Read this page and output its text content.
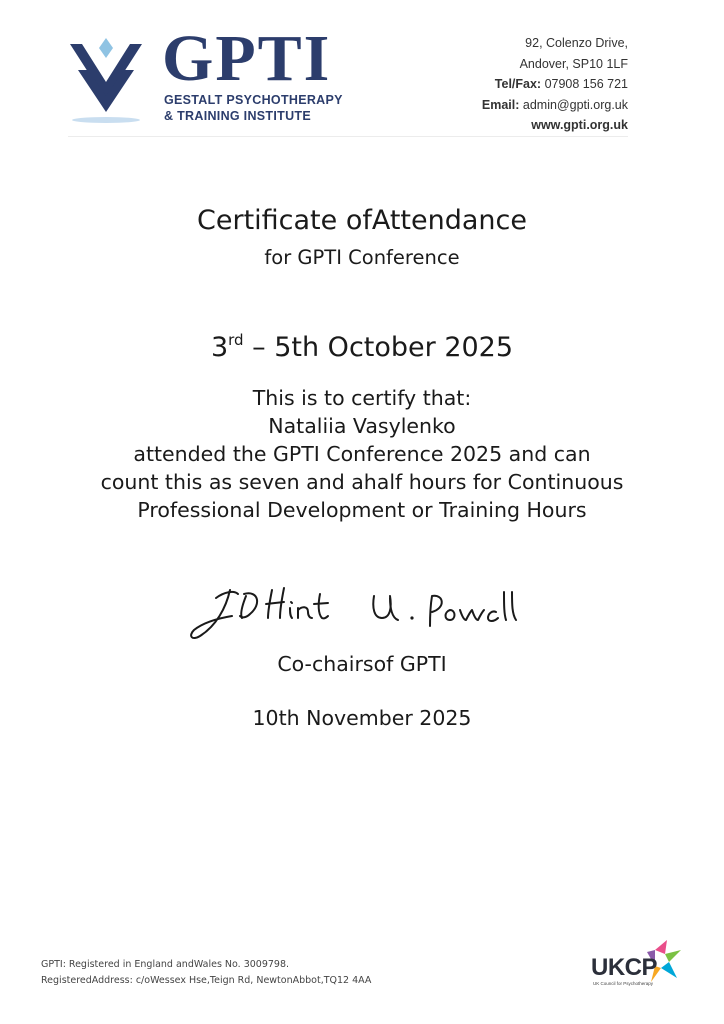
GPTI
GESTALT PSYCHOTHERAPY
& TRAINING INSTITUTE
92, Colenzo Drive,
Andover, SP10 1LF
Tel/Fax: 07908 156 721
Email: admin@gpti.org.uk
www.gpti.org.uk
Certificate ofAttendance
for GPTI Conference
3rd – 5th October 2025
This is to certify that:
Nataliia Vasylenko
attended the GPTI Conference 2025 and can
count this as seven and ahalf hours for Continuous
Professional Development or Training Hours
Co-chairsof GPTI
10th November 2025
GPTI: Registered in England andWales No. 3009798.
RegisteredAddress: c/oWessex Hse,Teign Rd, NewtonAbbot,TQ12 4AA	UKCP
UK Council for Psychotherapy
